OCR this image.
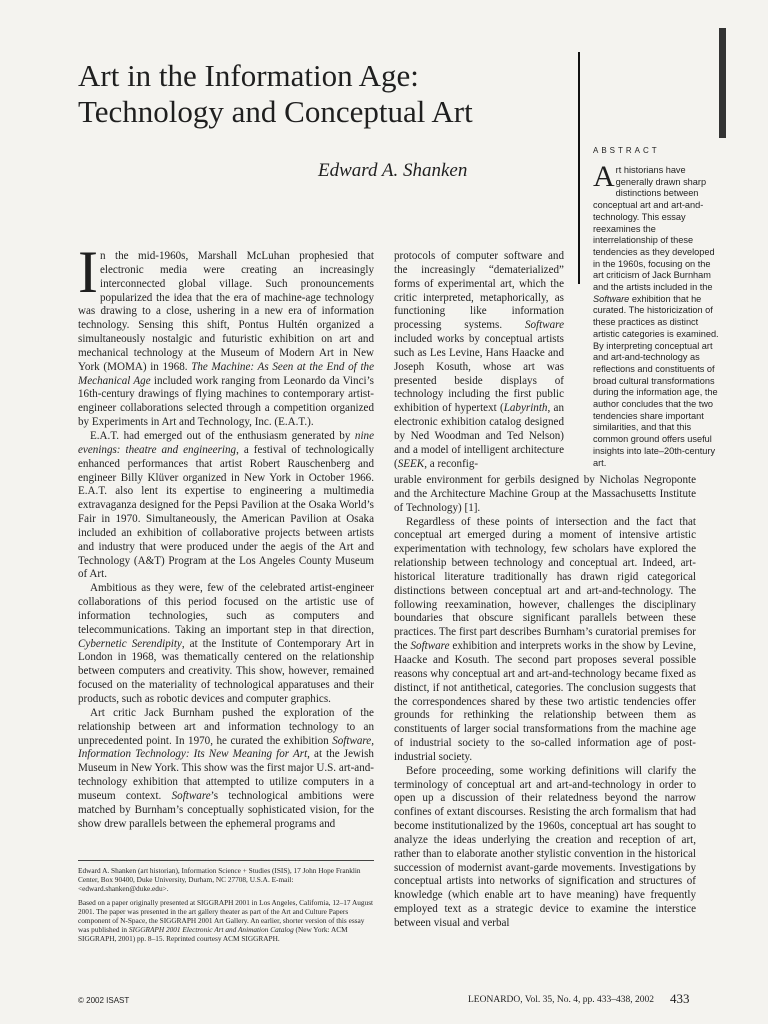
Art in the Information Age:
Technology and Conceptual Art
Edward A. Shanken
ABSTRACT

Art historians have generally drawn sharp distinctions between conceptual art and art-and-technology. This essay reexamines the interrelationship of these tendencies as they developed in the 1960s, focusing on the art criticism of Jack Burnham and the artists included in the Software exhibition that he curated. The historicization of these practices as distinct artistic categories is examined. By interpreting conceptual art and art-and-technology as reflections and constituents of broad cultural transformations during the information age, the author concludes that the two tendencies share important similarities, and that this common ground offers useful insights into late–20th-century art.

In the mid-1960s, Marshall McLuhan prophesied that electronic media were creating an increasingly interconnected global village. Such pronouncements popularized the idea that the era of machine-age technology was drawing to a close, ushering in a new era of information technology. Sensing this shift, Pontus Hultén organized a simultaneously nostalgic and futuristic exhibition on art and mechanical technology at the Museum of Modern Art in New York (MOMA) in 1968. The Machine: As Seen at the End of the Mechanical Age included work ranging from Leonardo da Vinci’s 16th-century drawings of flying machines to contemporary artist-engineer collaborations selected through a competition organized by Experiments in Art and Technology, Inc. (E.A.T.).

E.A.T. had emerged out of the enthusiasm generated by nine evenings: theatre and engineering, a festival of technologically enhanced performances that artist Robert Rauschenberg and engineer Billy Klüver organized in New York in October 1966. E.A.T. also lent its expertise to engineering a multimedia extravaganza designed for the Pepsi Pavilion at the Osaka World’s Fair in 1970. Simultaneously, the American Pavilion at Osaka included an exhibition of collaborative projects between artists and industry that were produced under the aegis of the Art and Technology (A&T) Program at the Los Angeles County Museum of Art.

Ambitious as they were, few of the celebrated artist-engineer collaborations of this period focused on the artistic use of information technologies, such as computers and telecommunications. Taking an important step in that direction, Cybernetic Serendipity, at the Institute of Contemporary Art in London in 1968, was thematically centered on the relationship between computers and creativity. This show, however, remained focused on the materiality of technological apparatuses and their products, such as robotic devices and computer graphics.

Art critic Jack Burnham pushed the exploration of the relationship between art and information technology to an unprecedented point. In 1970, he curated the exhibition Software, Information Technology: Its New Meaning for Art, at the Jewish Museum in New York. This show was the first major U.S. art-and-technology exhibition that attempted to utilize computers in a museum context. Software’s technological ambitions were matched by Burnham’s conceptually sophisticated vision, for the show drew parallels between the ephemeral programs and

protocols of computer software and the increasingly “dematerialized” forms of experimental art, which the critic interpreted, metaphorically, as functioning like information processing systems. Software included works by conceptual artists such as Les Levine, Hans Haacke and Joseph Kosuth, whose art was presented beside displays of technology including the first public exhibition of hypertext (Labyrinth, an electronic exhibition catalog designed by Ned Woodman and Ted Nelson) and a model of intelligent architecture (SEEK, a reconfig-

urable environment for gerbils designed by Nicholas Negroponte and the Architecture Machine Group at the Massachusetts Institute of Technology) [1].

Regardless of these points of intersection and the fact that conceptual art emerged during a moment of intensive artistic experimentation with technology, few scholars have explored the relationship between technology and conceptual art. Indeed, art-historical literature traditionally has drawn rigid categorical distinctions between conceptual art and art-and-technology. The following reexamination, however, challenges the disciplinary boundaries that obscure significant parallels between these practices. The first part describes Burnham’s curatorial premises for the Software exhibition and interprets works in the show by Levine, Haacke and Kosuth. The second part proposes several possible reasons why conceptual art and art-and-technology became fixed as distinct, if not antithetical, categories. The conclusion suggests that the correspondences shared by these two artistic tendencies offer grounds for rethinking the relationship between them as constituents of larger social transformations from the machine age of industrial society to the so-called information age of post-industrial society.

Before proceeding, some working definitions will clarify the terminology of conceptual art and art-and-technology in order to open up a discussion of their relatedness beyond the narrow confines of extant discourses. Resisting the arch formalism that had become institutionalized by the 1960s, conceptual art has sought to analyze the ideas underlying the creation and reception of art, rather than to elaborate another stylistic convention in the historical succession of modernist avant-garde movements. Investigations by conceptual artists into networks of signification and structures of knowledge (which enable art to have meaning) have frequently employed text as a strategic device to examine the interstice between visual and verbal

Edward A. Shanken (art historian), Information Science + Studies (ISIS), 17 John Hope Franklin Center, Box 90400, Duke University, Durham, NC 27708, U.S.A. E-mail: <edward.shanken@duke.edu>.

Based on a paper originally presented at SIGGRAPH 2001 in Los Angeles, California, 12–17 August 2001. The paper was presented in the art gallery theater as part of the Art and Culture Papers component of N-Space, the SIGGRAPH 2001 Art Gallery. An earlier, shorter version of this essay was published in SIGGRAPH 2001 Electronic Art and Animation Catalog (New York: ACM SIGGRAPH, 2001) pp. 8–15. Reprinted courtesy ACM SIGGRAPH.

© 2002 ISAST	LEONARDO, Vol. 35, No. 4, pp. 433–438, 2002 433
